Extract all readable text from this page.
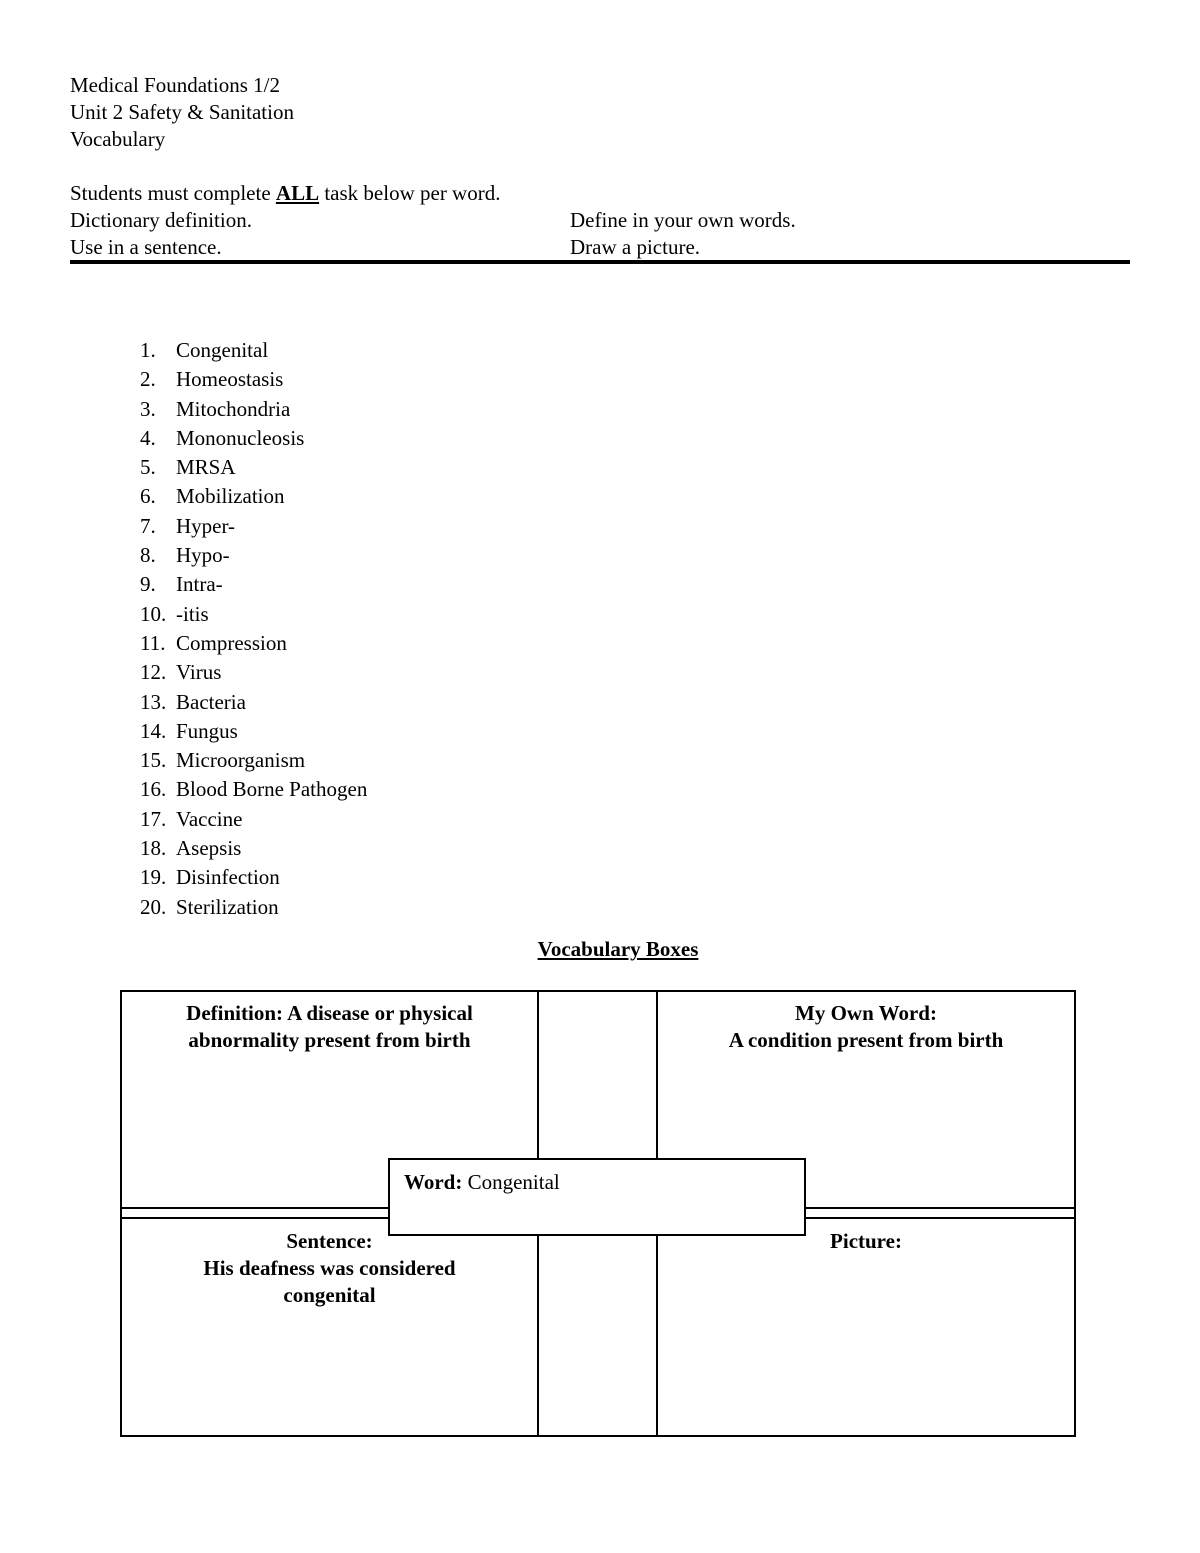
Medical Foundations 1/2
Unit 2 Safety & Sanitation
Vocabulary
Students must complete ALL task below per word.
Dictionary definition.	Define in your own words.
Use in a sentence.	Draw a picture.
1. Congenital
2. Homeostasis
3. Mitochondria
4. Mononucleosis
5. MRSA
6. Mobilization
7. Hyper-
8. Hypo-
9. Intra-
10. -itis
11. Compression
12. Virus
13. Bacteria
14. Fungus
15. Microorganism
16. Blood Borne Pathogen
17. Vaccine
18. Asepsis
19. Disinfection
20. Sterilization
Vocabulary Boxes
Definition: A disease or physical
abnormality present from birth
My Own Word:
A condition present from birth
Sentence:
His deafness was considered
congenital
Picture:
Word: Congenital
